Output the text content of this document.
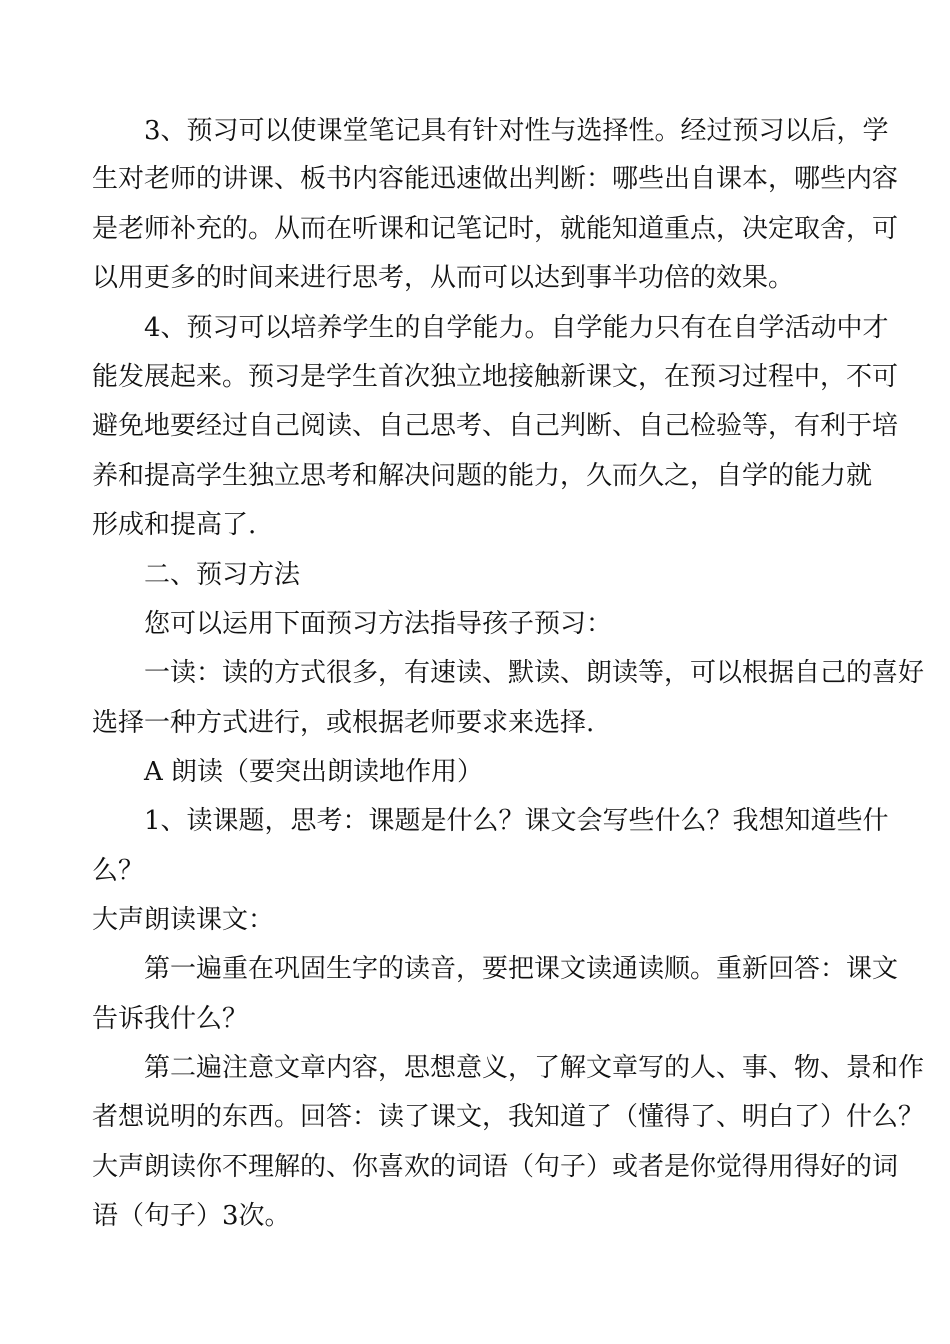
3、预习可以使课堂笔记具有针对性与选择性。经过预习以后，学

生对老师的讲课、板书内容能迅速做出判断：哪些出自课本，哪些内容

是老师补充的。从而在听课和记笔记时，就能知道重点，决定取舍，可

以用更多的时间来进行思考，从而可以达到事半功倍的效果。

4、预习可以培养学生的自学能力。自学能力只有在自学活动中才

能发展起来。预习是学生首次独立地接触新课文，在预习过程中，不可

避免地要经过自己阅读、自己思考、自己判断、自己检验等，有利于培

养和提高学生独立思考和解决问题的能力，久而久之，自学的能力就

形成和提高了.

二、预习方法

您可以运用下面预习方法指导孩子预习：

一读：读的方式很多，有速读、默读、朗读等，可以根据自己的喜好

选择一种方式进行，或根据老师要求来选择.

A 朗读（要突出朗读地作用）

1、读课题，思考：课题是什么？课文会写些什么？我想知道些什

么？

大声朗读课文：

第一遍重在巩固生字的读音，要把课文读通读顺。重新回答：课文

告诉我什么？

第二遍注意文章内容，思想意义，了解文章写的人、事、物、景和作

者想说明的东西。回答：读了课文，我知道了（懂得了、明白了）什么？

大声朗读你不理解的、你喜欢的词语（句子）或者是你觉得用得好的词

语（句子）3次。
